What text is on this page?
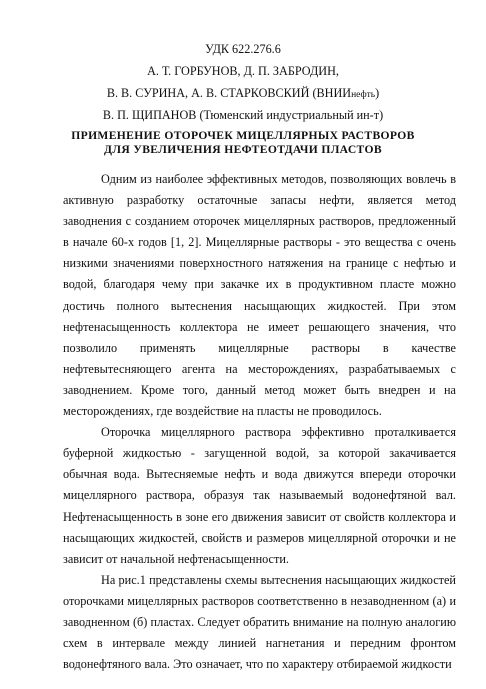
УДК 622.276.6
А. Т. ГОРБУНОВ, Д. П. ЗАБРОДИН,
В. В. СУРИНА, А. В. СТАРКОВСКИЙ (ВНИИнефть)
В. П. ЩИПАНОВ (Тюменский индустриальный ин-т)
ПРИМЕНЕНИЕ ОТОРОЧЕК МИЦЕЛЛЯРНЫХ РАСТВОРОВ
ДЛЯ УВЕЛИЧЕНИЯ НЕФТЕОТДАЧИ ПЛАСТОВ

Одним из наиболее эффективных методов, позволяющих вовлечь в активную разработку остаточные запасы нефти, является метод заводнения с созданием оторочек мицеллярных растворов, предложенный в начале 60-х годов [1, 2]. Мицеллярные растворы - это вещества с очень низкими значениями поверхностного натяжения на границе с нефтью и водой, благодаря чему при закачке их в продуктивном пласте можно достичь полного вытеснения насыщающих жидкостей. При этом нефтенасыщенность коллектора не имеет решающего значения, что позволило применять мицеллярные растворы в качестве нефтевытесняющего агента на месторождениях, разрабатываемых с заводнением. Кроме того, данный метод может быть внедрен и на месторождениях, где воздействие на пласты не проводилось.

Оторочка мицеллярного раствора эффективно проталкивается буферной жидкостью - загущенной водой, за которой закачивается обычная вода. Вытесняемые нефть и вода движутся впереди оторочки мицеллярного раствора, образуя так называемый водонефтяной вал. Нефтенасыщенность в зоне его движения зависит от свойств коллектора и насыщающих жидкостей, свойств и размеров мицеллярной оторочки и не зависит от начальной нефтенасыщенности.

На рис.1 представлены схемы вытеснения насыщающих жидкостей оторочками мицеллярных растворов соответственно в незаводненном (а) и заводненном (б) пластах. Следует обратить внимание на полную аналогию схем в интервале между линией нагнетания и передним фронтом водонефтяного вала. Это означает, что по характеру отбираемой жидкости
